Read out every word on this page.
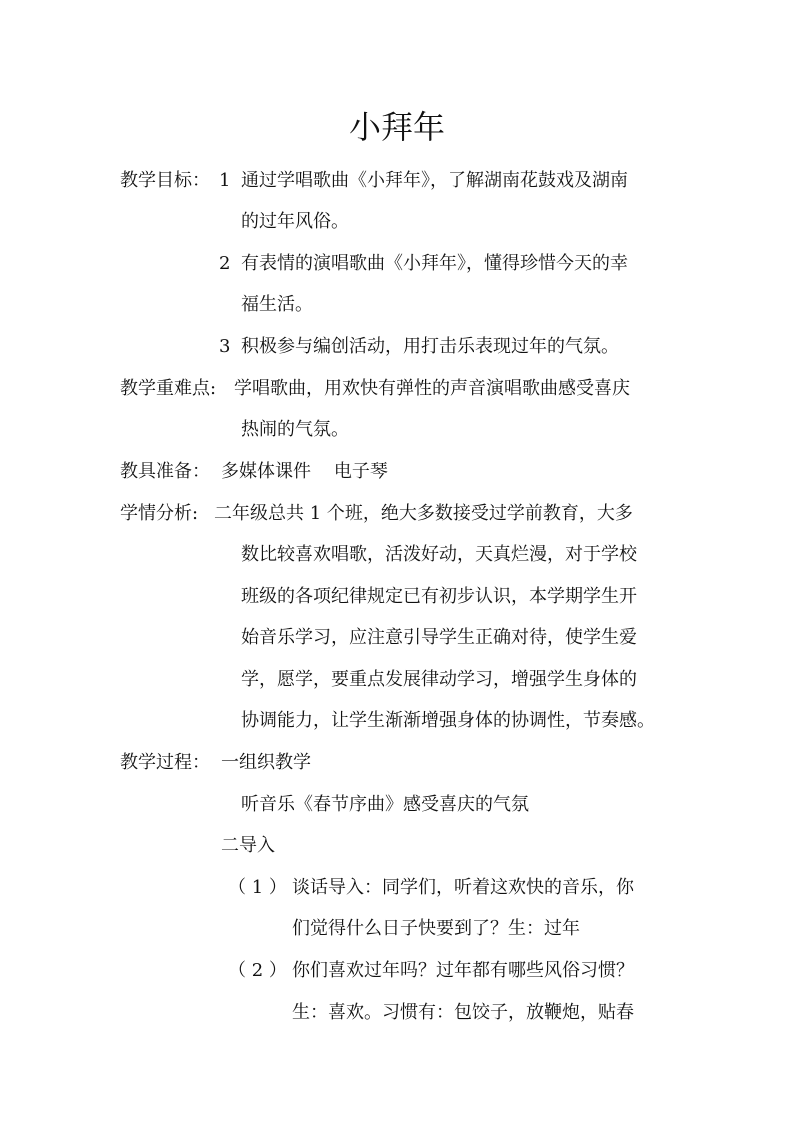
小拜年
教学目标： 1 通过学唱歌曲《小拜年》，了解湖南花鼓戏及湖南
的过年风俗。
2 有表情的演唱歌曲《小拜年》，懂得珍惜今天的幸
福生活。
3 积极参与编创活动，用打击乐表现过年的气氛。
教学重难点: 学唱歌曲，用欢快有弹性的声音演唱歌曲感受喜庆
热闹的气氛。
教具准备： 多媒体课件    电子琴
学情分析: 二年级总共 1 个班，绝大多数接受过学前教育，大多
数比较喜欢唱歌，活泼好动，天真烂漫，对于学校
班级的各项纪律规定已有初步认识，本学期学生开
始音乐学习，应注意引导学生正确对待，使学生爱
学，愿学，要重点发展律动学习，增强学生身体的
协调能力，让学生渐渐增强身体的协调性，节奏感。
教学过程： 一组织教学
听音乐《春节序曲》感受喜庆的气氛
二导入
（ 1 ） 谈话导入：同学们，听着这欢快的音乐，你
们觉得什么日子快要到了？生：过年
（ 2 ） 你们喜欢过年吗？过年都有哪些风俗习惯？
生：喜欢。习惯有：包饺子，放鞭炮，贴春
